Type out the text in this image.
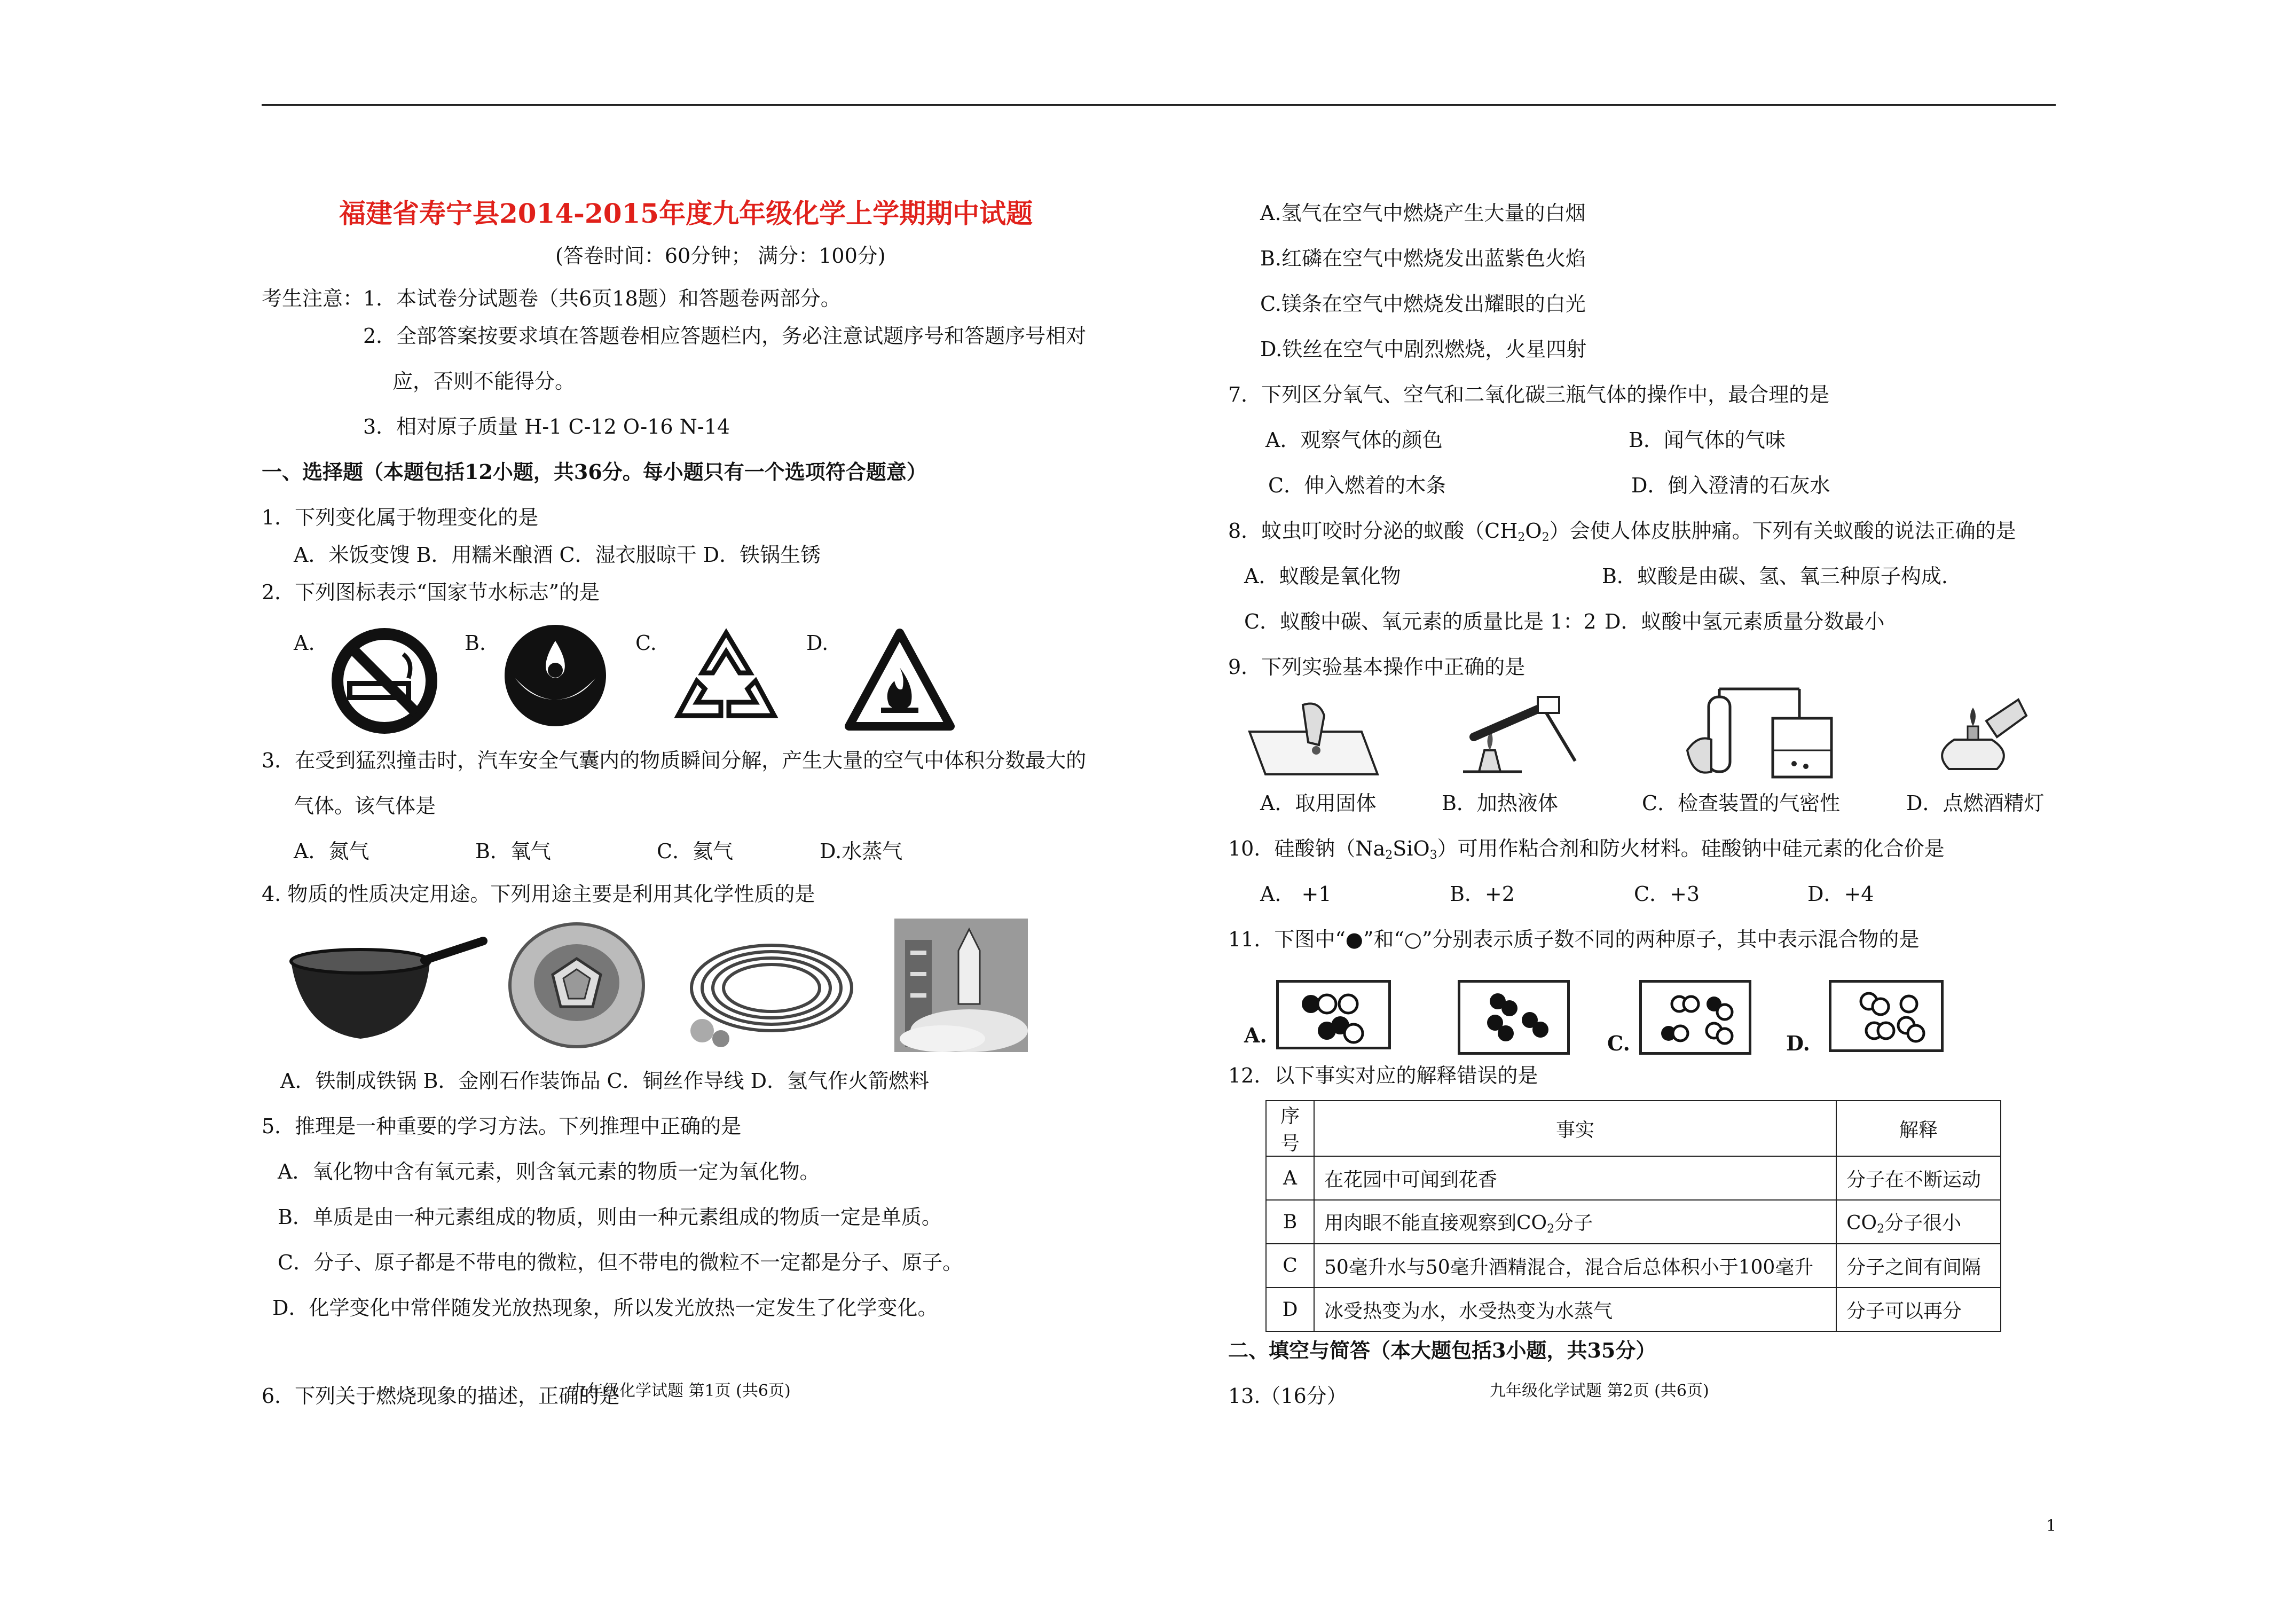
福建省寿宁县2014-2015年度九年级化学上学期期中试题
(答卷时间：60分钟； 满分：100分)
考生注意：1．本试卷分试题卷（共6页18题）和答题卷两部分。
2．全部答案按要求填在答题卷相应答题栏内，务必注意试题序号和答题序号相对
应，否则不能得分。
3．相对原子质量 H-1 C-12 O-16 N-14
一、选择题（本题包括12小题，共36分。每小题只有一个选项符合题意）
1．下列变化属于物理变化的是
A．米饭变馊 B．用糯米酿酒 C．湿衣服晾干 D．铁锅生锈
2．下列图标表示“国家节水标志”的是
A.	B.	C.	D.
3．在受到猛烈撞击时，汽车安全气囊内的物质瞬间分解，产生大量的空气中体积分数最大的
气体。该气体是
A．氮气	B．氧气	C．氦气	D.水蒸气
4. 物质的性质决定用途。下列用途主要是利用其化学性质的是
A．铁制成铁锅 B．金刚石作装饰品 C．铜丝作导线 D．氢气作火箭燃料
5．推理是一种重要的学习方法。下列推理中正确的是
A．氧化物中含有氧元素，则含氧元素的物质一定为氧化物。
B．单质是由一种元素组成的物质，则由一种元素组成的物质一定是单质。
C．分子、原子都是不带电的微粒，但不带电的微粒不一定都是分子、原子。
D．化学变化中常伴随发光放热现象，所以发光放热一定发生了化学变化。
6．下列关于燃烧现象的描述，正确的是
九年级化学试题 第1页 (共6页)
A.氢气在空气中燃烧产生大量的白烟
B.红磷在空气中燃烧发出蓝紫色火焰
C.镁条在空气中燃烧发出耀眼的白光
D.铁丝在空气中剧烈燃烧，火星四射
7．下列区分氧气、空气和二氧化碳三瓶气体的操作中，最合理的是
A．观察气体的颜色	B．闻气体的气味
C．伸入燃着的木条	D．倒入澄清的石灰水
8．蚊虫叮咬时分泌的蚁酸$(CH_2O_2)$会使人体皮肤肿痛。下列有关蚁酸的说法正确的是
A．蚁酸是氧化物	B．蚁酸是由碳、氢、氧三种原子构成.
C．蚁酸中碳、氧元素的质量比是 1：2 D．蚁酸中氢元素质量分数最小
9．下列实验基本操作中正确的是
A．取用固体	B．加热液体	C．检查装置的气密性	D．点燃酒精灯
10．硅酸钠$(Na_2SiO_3)$可用作粘合剂和防火材料。硅酸钠中硅元素的化合价是
A． +1	B．+2	C．+3	D．+4
11．下图中“●”和“○”分别表示质子数不同的两种原子，其中表示混合物的是
A.	C.	D.
12．以下事实对应的解释错误的是
序号	事实	解释
A	在花园中可闻到花香	分子在不断运动
B	用肉眼不能直接观察到$CO_2$分子	$CO_2$分子很小
C	50毫升水与50毫升酒精混合，混合后总体积小于100毫升	分子之间有间隔
D	冰受热变为水，水受热变为水蒸气	分子可以再分
二、填空与简答（本大题包括3小题，共35分）
13.（16分）	九年级化学试题 第2页 (共6页)
1
